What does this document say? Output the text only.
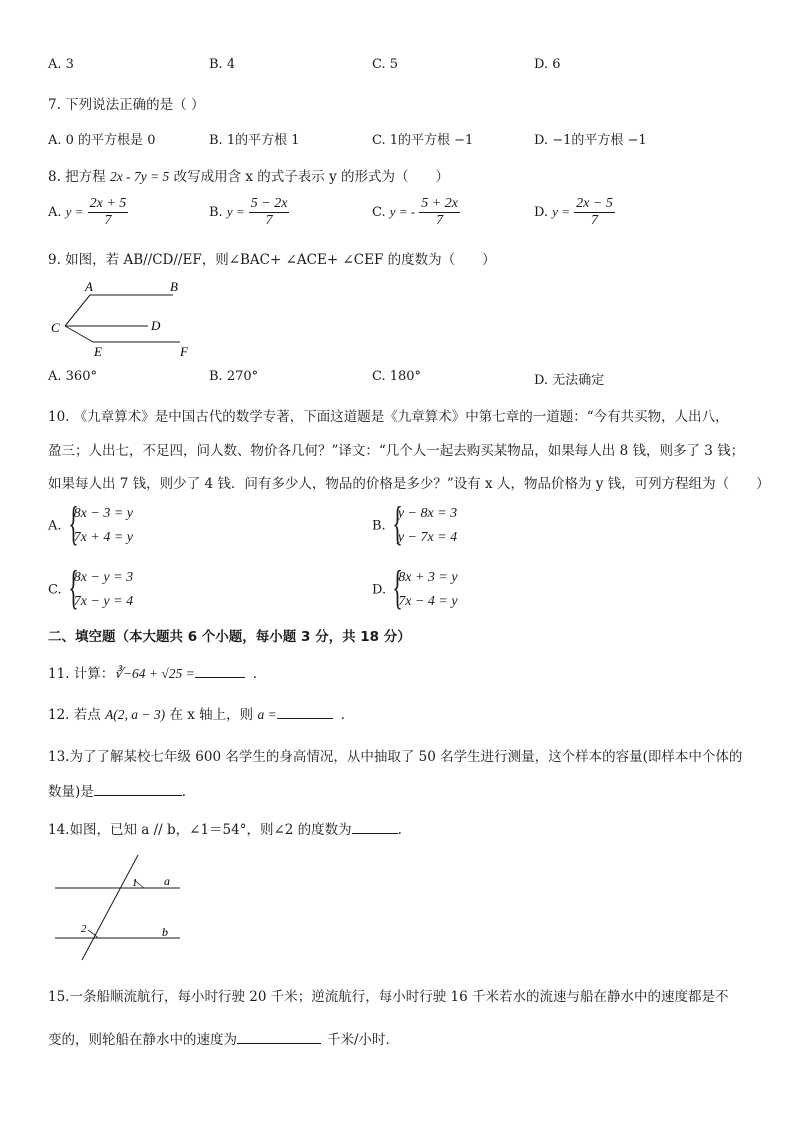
A. 3	B. 4	C. 5	D. 6
7. 下列说法正确的是（ ）
A. 0 的平方根是 0	B. 1的平方根 1	C. 1的平方根 −1	D. −1的平方根 −1
8. 把方程 2x - 7y = 5 改写成用含 x 的式子表示 y 的形式为（　　）
A. $y = \frac{2x + 5}{7}$	B. $y = \frac{5 - 2x}{7}$	C. y = - $\frac{5 + 2x}{7}$	D. $y = \frac{2x - 5}{7}$
9. 如图，若 AB//CD//EF，则∠BAC+ ∠ACE+ ∠CEF 的度数为（　　）
A	B
C	D
E	F
A. 360°	B. 270°	C. 180°	D. 无法确定
10. 《九章算术》是中国古代的数学专著，下面这道题是《九章算术》中第七章的一道题：“今有共买物，人出八，
盈三；人出七，不足四，问人数、物价各几何？”译文：“几个人一起去购买某物品，如果每人出 8 钱，则多了 3 钱；
如果每人出 7 钱，则少了 4 钱．问有多少人，物品的价格是多少？”设有 x 人，物品价格为 y 钱，可列方程组为（　　）
A. {
8x − 3 = y
7x + 4 = y
B. {
y − 8x = 3
y − 7x = 4
C. {
8x − y = 3
7x − y = 4
D. {
8x + 3 = y
7x − 4 = y
二、填空题（本大题共 6 个小题，每小题 3 分，共 18 分）
11. 计算：∛−64 + √25 =	．
12. 若点 A(2, a − 3) 在 x 轴上，则 a =	．
13.为了了解某校七年级 600 名学生的身高情况，从中抽取了 50 名学生进行测量，这个样本的容量(即样本中个体的
数量)是	.
14.如图，已知 a // b，∠1＝54°，则∠2 的度数为	.
1
2
a
b
15.一条船顺流航行，每小时行驶 20 千米；逆流航行，每小时行驶 16 千米若水的流速与船在静水中的速度都是不
变的，则轮船在静水中的速度为	千米/小时．
